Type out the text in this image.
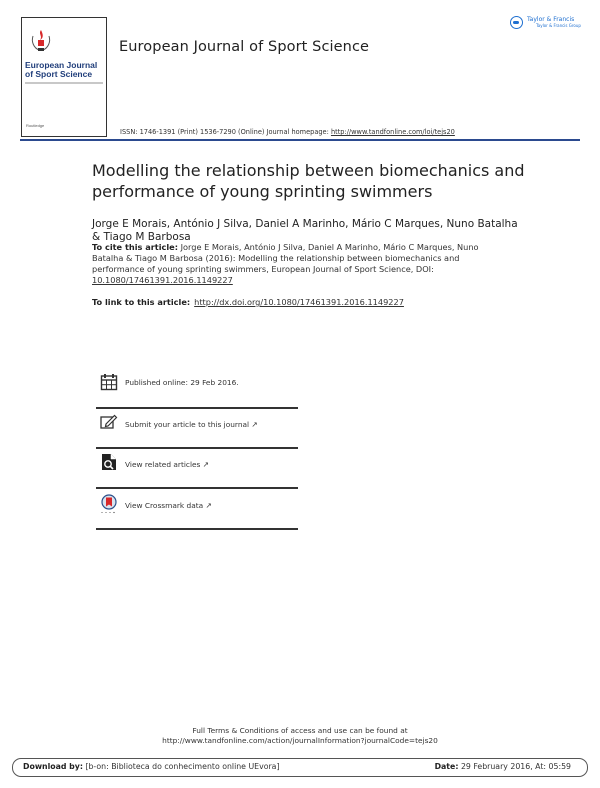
European Journal
of Sport Science
Routledge
European Journal of Sport Science
Taylor & Francis
Taylor & Francis Group
ISSN: 1746-1391 (Print) 1536-7290 (Online) Journal homepage: http://www.tandfonline.com/loi/tejs20
Modelling the relationship between biomechanics and performance of young sprinting swimmers
Jorge E Morais, António J Silva, Daniel A Marinho, Mário C Marques, Nuno Batalha & Tiago M Barbosa
To cite this article: Jorge E Morais, António J Silva, Daniel A Marinho, Mário C Marques, Nuno Batalha & Tiago M Barbosa (2016): Modelling the relationship between biomechanics and performance of young sprinting swimmers, European Journal of Sport Science, DOI: 10.1080/17461391.2016.1149227
To link to this article: http://dx.doi.org/10.1080/17461391.2016.1149227
Published online: 29 Feb 2016.
Submit your article to this journal ↗
View related articles ↗
View Crossmark data ↗
Full Terms & Conditions of access and use can be found at
http://www.tandfonline.com/action/journalInformation?journalCode=tejs20
Download by: [b-on: Biblioteca do conhecimento online UEvora]	Date: 29 February 2016, At: 05:59
